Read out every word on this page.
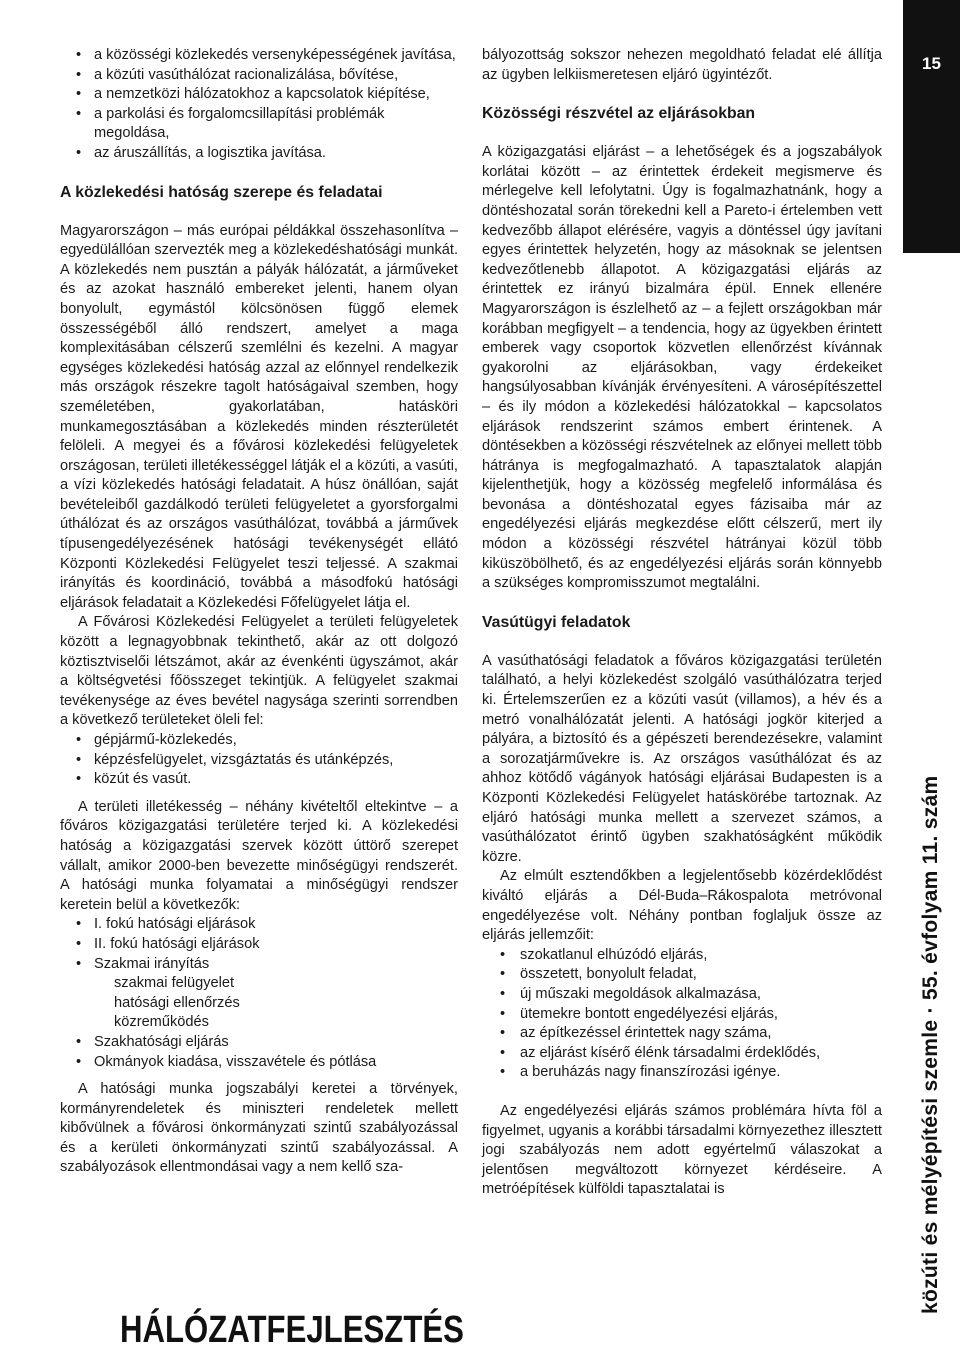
• a közösségi közlekedés versenyképességének javítása,
• a közúti vasúthálózat racionalizálása, bővítése,
• a nemzetközi hálózatokhoz a kapcsolatok kiépítése,
• a parkolási és forgalomcsillapítási problémák megoldása,
• az áruszállítás, a logisztika javítása.
A közlekedési hatóság szerepe és feladatai

Magyarországon – más európai példákkal összehasonlítva – egyedülállóan szervezték meg a közlekedéshatósági munkát. A közlekedés nem pusztán a pályák hálózatát, a járműveket és az azokat használó embereket jelenti, hanem olyan bonyolult, egymástól kölcsönösen függő elemek összességéből álló rendszert, amelyet a maga komplexitásában célszerű szemlélni és kezelni. A magyar egységes közlekedési hatóság azzal az előnnyel rendelkezik más országok részekre tagolt hatóságaival szemben, hogy személetében, gyakorlatában, hatásköri munkamegosztásában a közlekedés minden részterületét felöleli. A megyei és a fővárosi közlekedési felügyeletek országosan, területi illetékességgel látják el a közúti, a vasúti, a vízi közlekedés hatósági feladatait. A húsz önállóan, saját bevételeiből gazdálkodó területi felügyeletet a gyorsforgalmi úthálózat és az országos vasúthálózat, továbbá a járművek típusengedélyezésének hatósági tevékenységét ellátó Központi Közlekedési Felügyelet teszi teljessé. A szakmai irányítás és koordináció, továbbá a másodfokú hatósági eljárások feladatait a Közlekedési Főfelügyelet látja el.

A Fővárosi Közlekedési Felügyelet a területi felügyeletek között a legnagyobbnak tekinthető, akár az ott dolgozó köztisztviselői létszámot, akár az évenkénti ügyszámot, akár a költségvetési főösszeget tekintjük. A felügyelet szakmai tevékenysége az éves bevétel nagysága szerinti sorrendben a következő területeket öleli fel:

• gépjármű-közlekedés,
• képzésfelügyelet, vizsgáztatás és utánképzés,
• közút és vasút.

A területi illetékesség – néhány kivételtől eltekintve – a főváros közigazgatási területére terjed ki. A közlekedési hatóság a közigazgatási szervek között úttörő szerepet vállalt, amikor 2000-ben bevezette minőségügyi rendszerét. A hatósági munka folyamatai a minőségügyi rendszer keretein belül a következők:

• I. fokú hatósági eljárások
• II. fokú hatósági eljárások
• Szakmai irányítás
szakmai felügyelet
hatósági ellenőrzés
közreműködés
• Szakhatósági eljárás
• Okmányok kiadása, visszavétele és pótlása

A hatósági munka jogszabályi keretei a törvények, kormányrendeletek és miniszteri rendeletek mellett kibővülnek a fővárosi önkormányzati szintű szabályozással és a kerületi önkormányzati szintű szabályozással. A szabályozások ellentmondásai vagy a nem kellő sza-

bályozottság sokszor nehezen megoldható feladat elé állítja az ügyben lelkiismeretesen eljáró ügyintézőt.

Közösségi részvétel az eljárásokban

A közigazgatási eljárást – a lehetőségek és a jogszabályok korlátai között – az érintettek érdekeit megismerve és mérlegelve kell lefolytatni. Úgy is fogalmazhatnánk, hogy a döntéshozatal során törekedni kell a Pareto-i értelemben vett kedvezőbb állapot elérésére, vagyis a döntéssel úgy javítani egyes érintettek helyzetén, hogy az másoknak se jelentsen kedvezőtlenebb állapotot. A közigazgatási eljárás az érintettek ez irányú bizalmára épül. Ennek ellenére Magyarországon is észlelhető az – a fejlett országokban már korábban megfigyelt – a tendencia, hogy az ügyekben érintett emberek vagy csoportok közvetlen ellenőrzést kívánnak gyakorolni az eljárásokban, vagy érdekeiket hangsúlyosabban kívánják érvényesíteni. A városépítészettel – és ily módon a közlekedési hálózatokkal – kapcsolatos eljárások rendszerint számos embert érintenek. A döntésekben a közösségi részvételnek az előnyei mellett több hátránya is megfogalmazható. A tapasztalatok alapján kijelenthetjük, hogy a közösség megfelelő informálása és bevonása a döntéshozatal egyes fázisaiba már az engedélyezési eljárás megkezdése előtt célszerű, mert ily módon a közösségi részvétel hátrányai közül több kiküszöbölhető, és az engedélyezési eljárás során könnyebb a szükséges kompromisszumot megtalálni.

Vasútügyi feladatok

A vasúthatósági feladatok a főváros közigazgatási területén található, a helyi közlekedést szolgáló vasúthálózatra terjed ki. Értelemszerűen ez a közúti vasút (villamos), a hév és a metró vonalhálózatát jelenti. A hatósági jogkör kiterjed a pályára, a biztosító és a gépészeti berendezésekre, valamint a sorozatjárművekre is. Az országos vasúthálózat és az ahhoz kötődő vágányok hatósági eljárásai Budapesten is a Központi Közlekedési Felügyelet hatáskörébe tartoznak. Az eljáró hatósági munka mellett a szervezet számos, a vasúthálózatot érintő ügyben szakhatóságként működik közre.

Az elmúlt esztendőkben a legjelentősebb közérdeklődést kiváltó eljárás a Dél-Buda–Rákospalota metróvonal engedélyezése volt. Néhány pontban foglaljuk össze az eljárás jellemzőit:

• szokatlanul elhúzódó eljárás,
• összetett, bonyolult feladat,
• új műszaki megoldások alkalmazása,
• ütemekre bontott engedélyezési eljárás,
• az építkezéssel érintettek nagy száma,
• az eljárást kísérő élénk társadalmi érdeklődés,
• a beruházás nagy finanszírozási igénye.

Az engedélyezési eljárás számos problémára hívta föl a figyelmet, ugyanis a korábbi társadalmi környezethez illesztett jogi szabályozás nem adott egyértelmű válaszokat a jelentősen megváltozott környezet kérdéseire. A metróépítések külföldi tapasztalatai is

15
közúti és mélyépítési szemle · 55. évfolyam 11. szám
HÁLÓZATFEJLESZTÉS
